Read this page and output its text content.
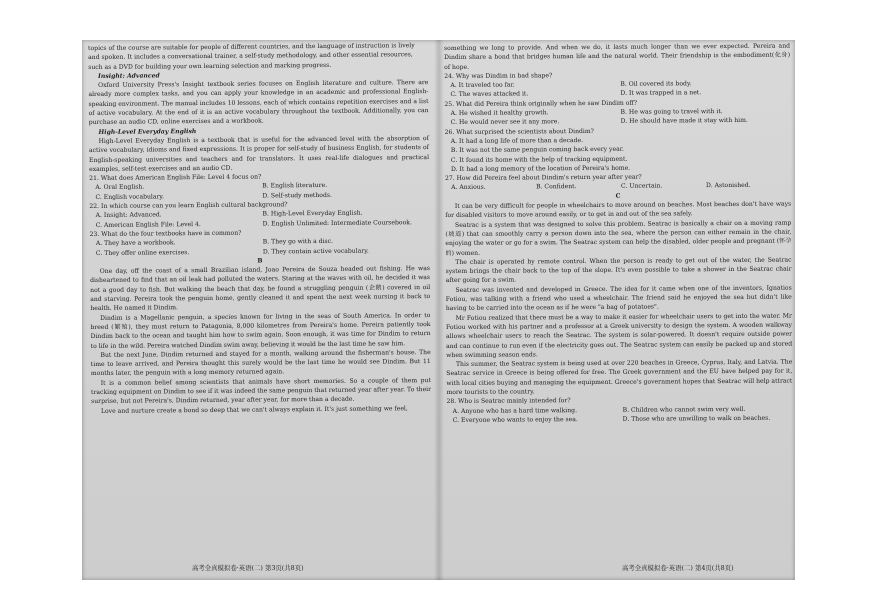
topics of the course are suitable for people of different countries, and the language of instruction is lively
and spoken. It includes a conversational trainer, a self-study methodology, and other essential resources,
such as a DVD for building your own learning selection and marking progress.
Insight: Advanced
Oxford University Press's Insight textbook series focuses on English literature and culture. There are already more complex tasks, and you can apply your knowledge in an academic and professional English-speaking environment. The manual includes 10 lessons, each of which contains repetition exercises and a list of active vocabulary. At the end of it is an active vocabulary throughout the textbook. Additionally, you can purchase an audio CD, online exercises and a workbook.
High-Level Everyday English
High-Level Everyday English is a textbook that is useful for the advanced level with the absorption of active vocabulary, idioms and fixed expressions. It is proper for self-study of business English, for students of English-speaking universities and teachers and for translators. It uses real-life dialogues and practical examples, self-test exercises and an audio CD.
21. What does American English File: Level 4 focus on?
A. Oral English.	B. English literature.
C. English vocabulary.	D. Self-study methods.
22. In which course can you learn English cultural background?
A. Insight: Advanced.	B. High-Level Everyday English.
C. American English File: Level 4.	D. English Unlimited: Intermediate Coursebook.
23. What do the four textbooks have in common?
A. They have a workbook.	B. They go with a disc.
C. They offer online exercises.	D. They contain active vocabulary.
B
One day, off the coast of a small Brazilian island, Joao Pereira de Souza headed out fishing. He was disheartened to find that an oil leak had polluted the waters. Staring at the waves with oil, he decided it was not a good day to fish. But walking the beach that day, he found a struggling penguin (企鹅) covered in oil and starving. Pereira took the penguin home, gently cleaned it and spent the next week nursing it back to health. He named it Dindim.
Dindim is a Magellanic penguin, a species known for living in the seas of South America. In order to breed (繁殖), they must return to Patagonia, 8,000 kilometres from Pereira's home. Pereira patiently took Dindim back to the ocean and taught him how to swim again. Soon enough, it was time for Dindim to return to life in the wild. Pereira watched Dindim swim away, believing it would be the last time he saw him.
But the next June, Dindim returned and stayed for a month, walking around the fisherman's house. The time to leave arrived, and Pereira thought this surely would be the last time he would see Dindim. But 11 months later, the penguin with a long memory returned again.
It is a common belief among scientists that animals have short memories. So a couple of them put tracking equipment on Dindim to see if it was indeed the same penguin that returned year after year. To their surprise, but not Pereira's, Dindim returned, year after year, for more than a decade.
Love and nurture create a bond so deep that we can't always explain it. It's just something we feel,
something we long to provide. And when we do, it lasts much longer than we ever expected. Pereira and Dindim share a bond that bridges human life and the natural world. Their friendship is the embodiment(化身) of hope.
24. Why was Dindim in bad shape?
A. It traveled too far.	B. Oil covered its body.
C. The waves attacked it.	D. It was trapped in a net.
25. What did Pereira think originally when he saw Dindim off?
A. He wished it healthy growth.	B. He was going to travel with it.
C. He would never see it any more.	D. He should have made it stay with him.
26. What surprised the scientists about Dindim?
A. It had a long life of more than a decade.
B. It was not the same penguin coming back every year.
C. It found its home with the help of tracking equipment.
D. It had a long memory of the location of Pereira's home.
27. How did Pereira feel about Dindim's return year after year?
A. Anxious.	B. Confident.	C. Uncertain.	D. Astonished.
C
It can be very difficult for people in wheelchairs to move around on beaches. Most beaches don't have ways for disabled visitors to move around easily, or to get in and out of the sea safely.
Seatrac is a system that was designed to solve this problem. Seatrac is basically a chair on a moving ramp (坡道) that can smoothly carry a person down into the sea, where the person can either remain in the chair, enjoying the water or go for a swim. The Seatrac system can help the disabled, older people and pregnant (怀孕的) women.
The chair is operated by remote control. When the person is ready to get out of the water, the Seatrac system brings the chair back to the top of the slope. It's even possible to take a shower in the Seatrac chair after going for a swim.
Seatrac was invented and developed in Greece. The idea for it came when one of the inventors, Ignatios Fotiou, was talking with a friend who used a wheelchair. The friend said he enjoyed the sea but didn't like having to be carried into the ocean as if he were "a bag of potatoes".
Mr Fotiou realized that there must be a way to make it easier for wheelchair users to get into the water. Mr Fotiou worked with his partner and a professor at a Greek university to design the system. A wooden walkway allows wheelchair users to reach the Seatrac. The system is solar-powered. It doesn't require outside power and can continue to run even if the electricity goes out. The Seatrac system can easily be packed up and stored when swimming season ends.
This summer, the Seatrac system is being used at over 220 beaches in Greece, Cyprus, Italy, and Latvia. The Seatrac service in Greece is being offered for free. The Greek government and the EU have helped pay for it, with local cities buying and managing the equipment. Greece's government hopes that Seatrac will help attract more tourists to the country.
28. Who is Seatrac mainly intended for?
A. Anyone who has a hard time walking.	B. Children who cannot swim very well.
C. Everyone who wants to enjoy the sea.	D. Those who are unwilling to walk on beaches.
高考全真模拟卷·英语(二) 第3页(共8页)	高考全真模拟卷·英语(二) 第4页(共8页)
